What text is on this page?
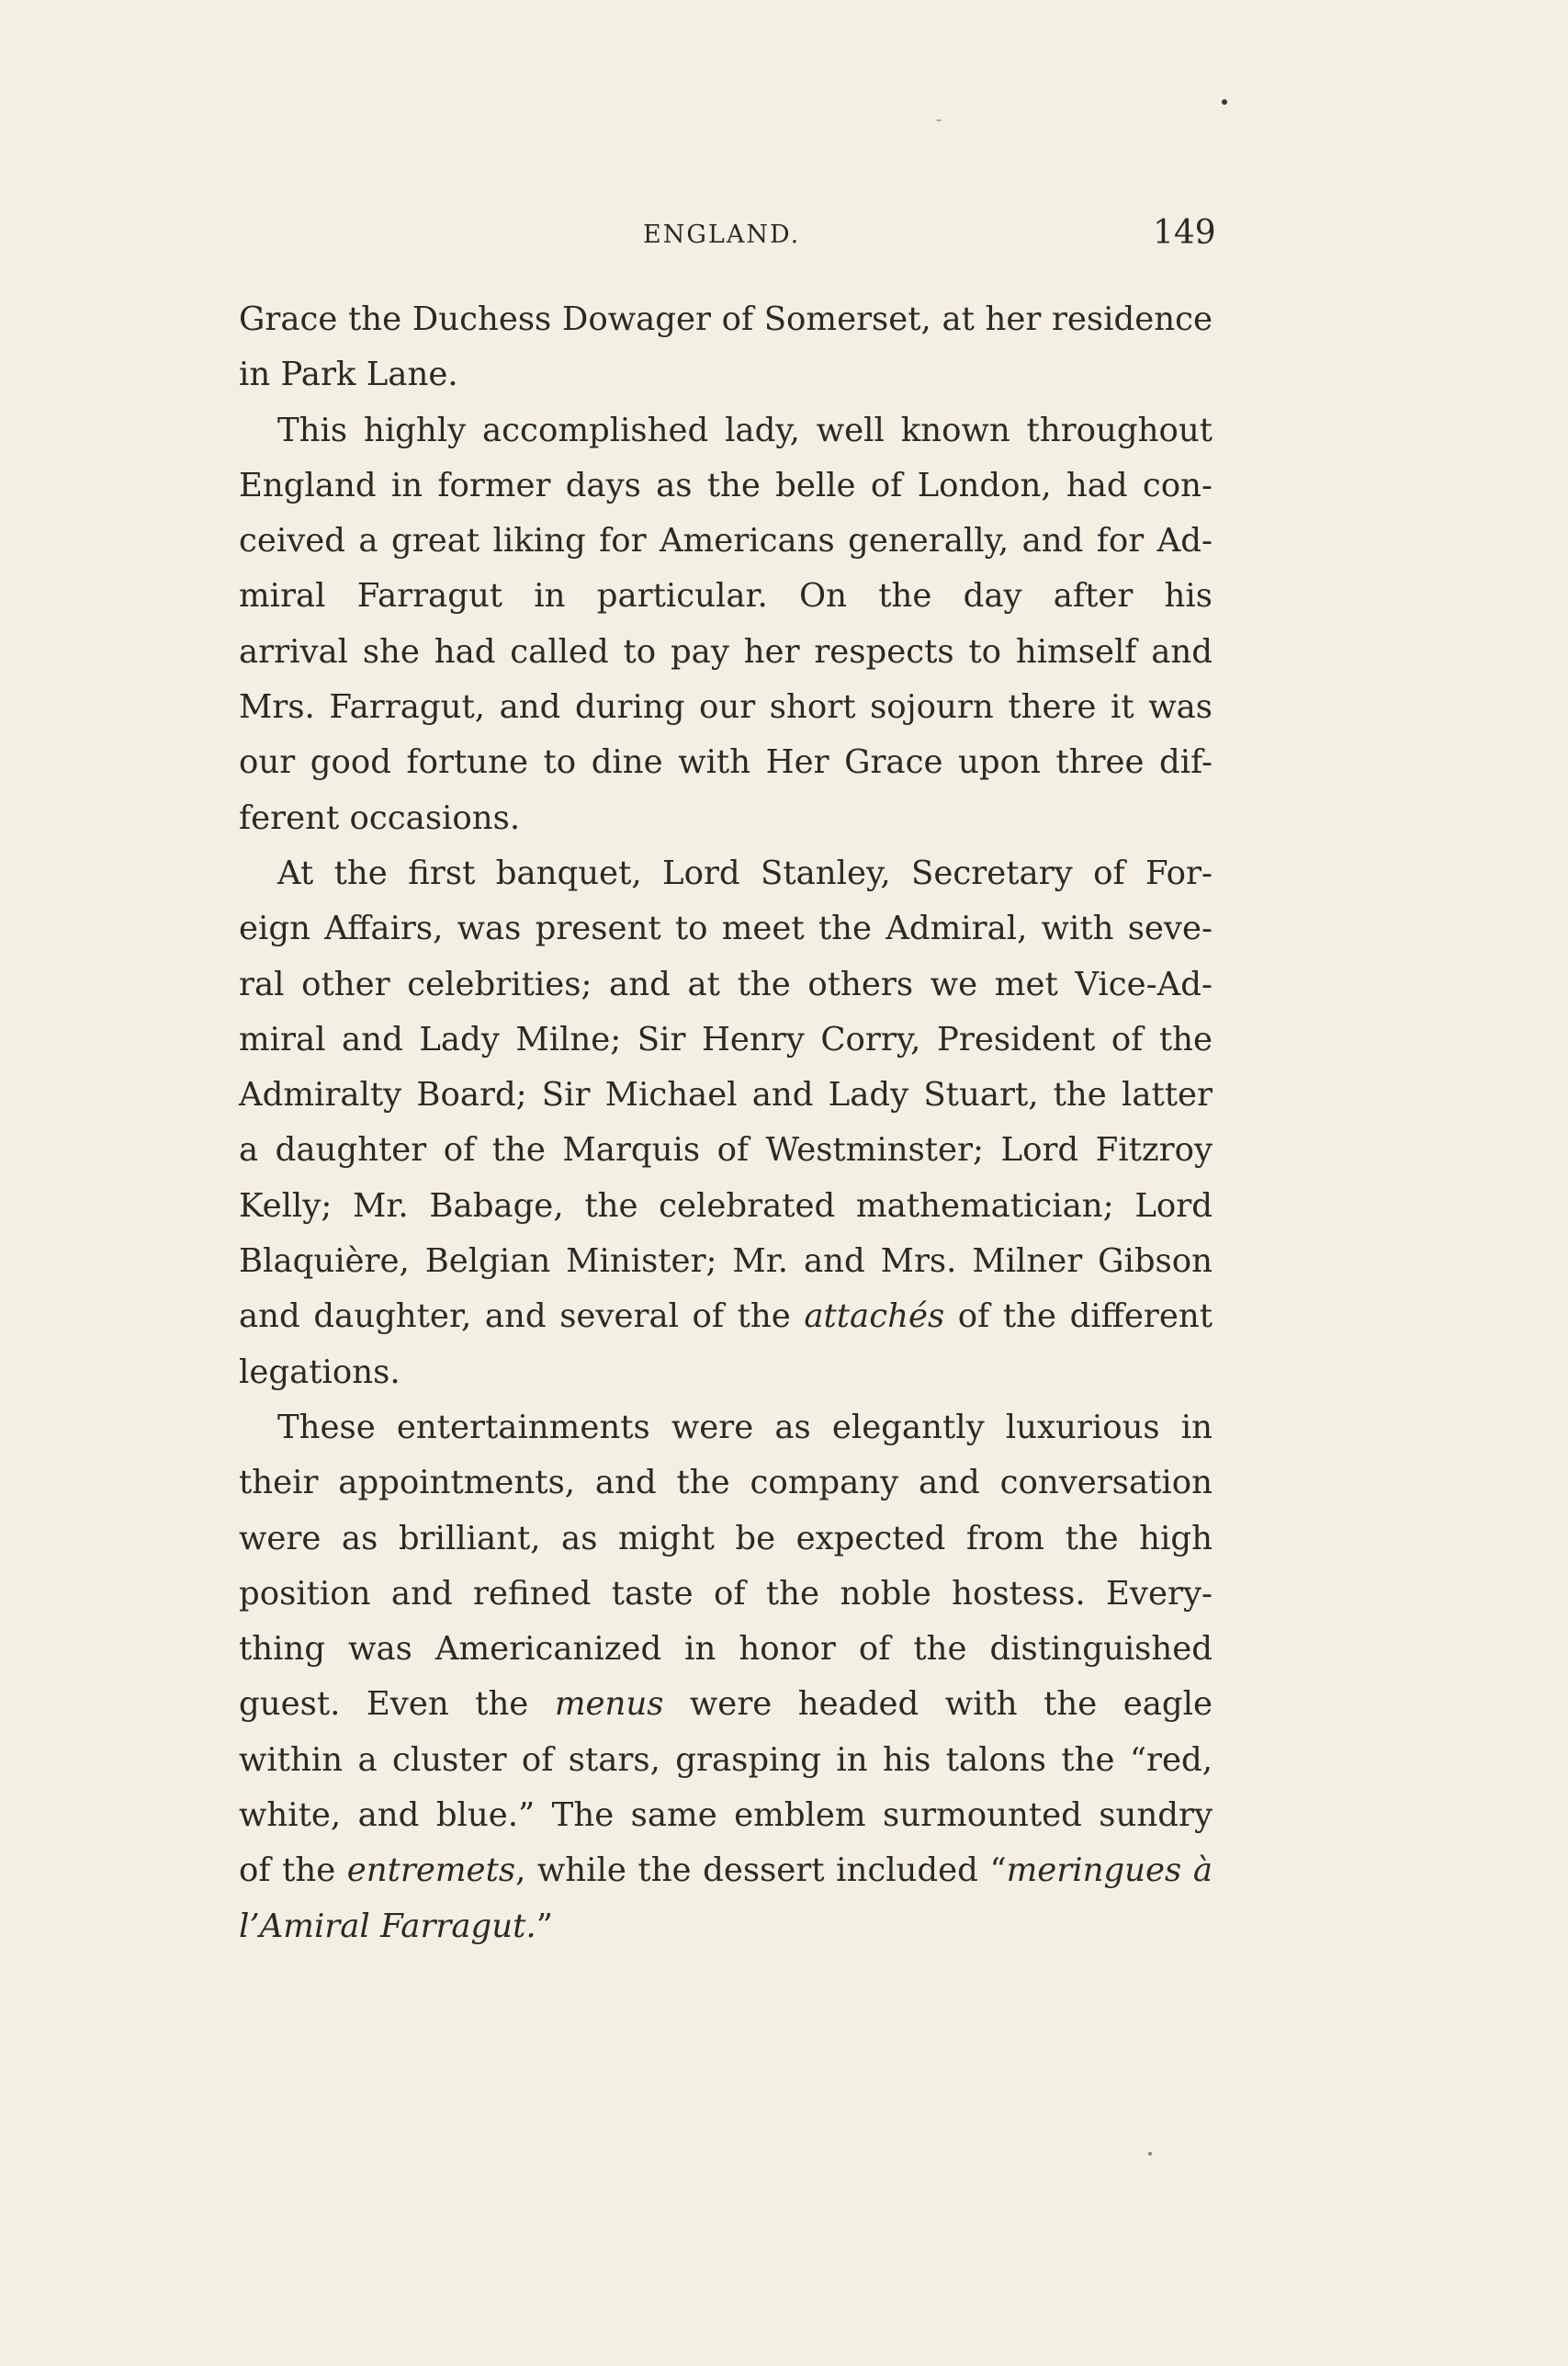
ENGLAND.	149
Grace the Duchess Dowager of Somerset, at her residence
in Park Lane.
This highly accomplished lady, well known throughout
England in former days as the belle of London, had con-
ceived a great liking for Americans generally, and for Ad-
miral Farragut in particular. On the day after his
arrival she had called to pay her respects to himself and
Mrs. Farragut, and during our short sojourn there it was
our good fortune to dine with Her Grace upon three dif-
ferent occasions.
At the first banquet, Lord Stanley, Secretary of For-
eign Affairs, was present to meet the Admiral, with seve-
ral other celebrities; and at the others we met Vice-Ad-
miral and Lady Milne; Sir Henry Corry, President of the
Admiralty Board; Sir Michael and Lady Stuart, the latter
a daughter of the Marquis of Westminster; Lord Fitzroy
Kelly; Mr. Babage, the celebrated mathematician; Lord
Blaquière, Belgian Minister; Mr. and Mrs. Milner Gibson
and daughter, and several of the attachés of the different
legations.
These entertainments were as elegantly luxurious in
their appointments, and the company and conversation
were as brilliant, as might be expected from the high
position and refined taste of the noble hostess. Every-
thing was Americanized in honor of the distinguished
guest. Even the menus were headed with the eagle
within a cluster of stars, grasping in his talons the “red,
white, and blue.” The same emblem surmounted sundry
of the entremets, while the dessert included “meringues à
l’Amiral Farragut.”
